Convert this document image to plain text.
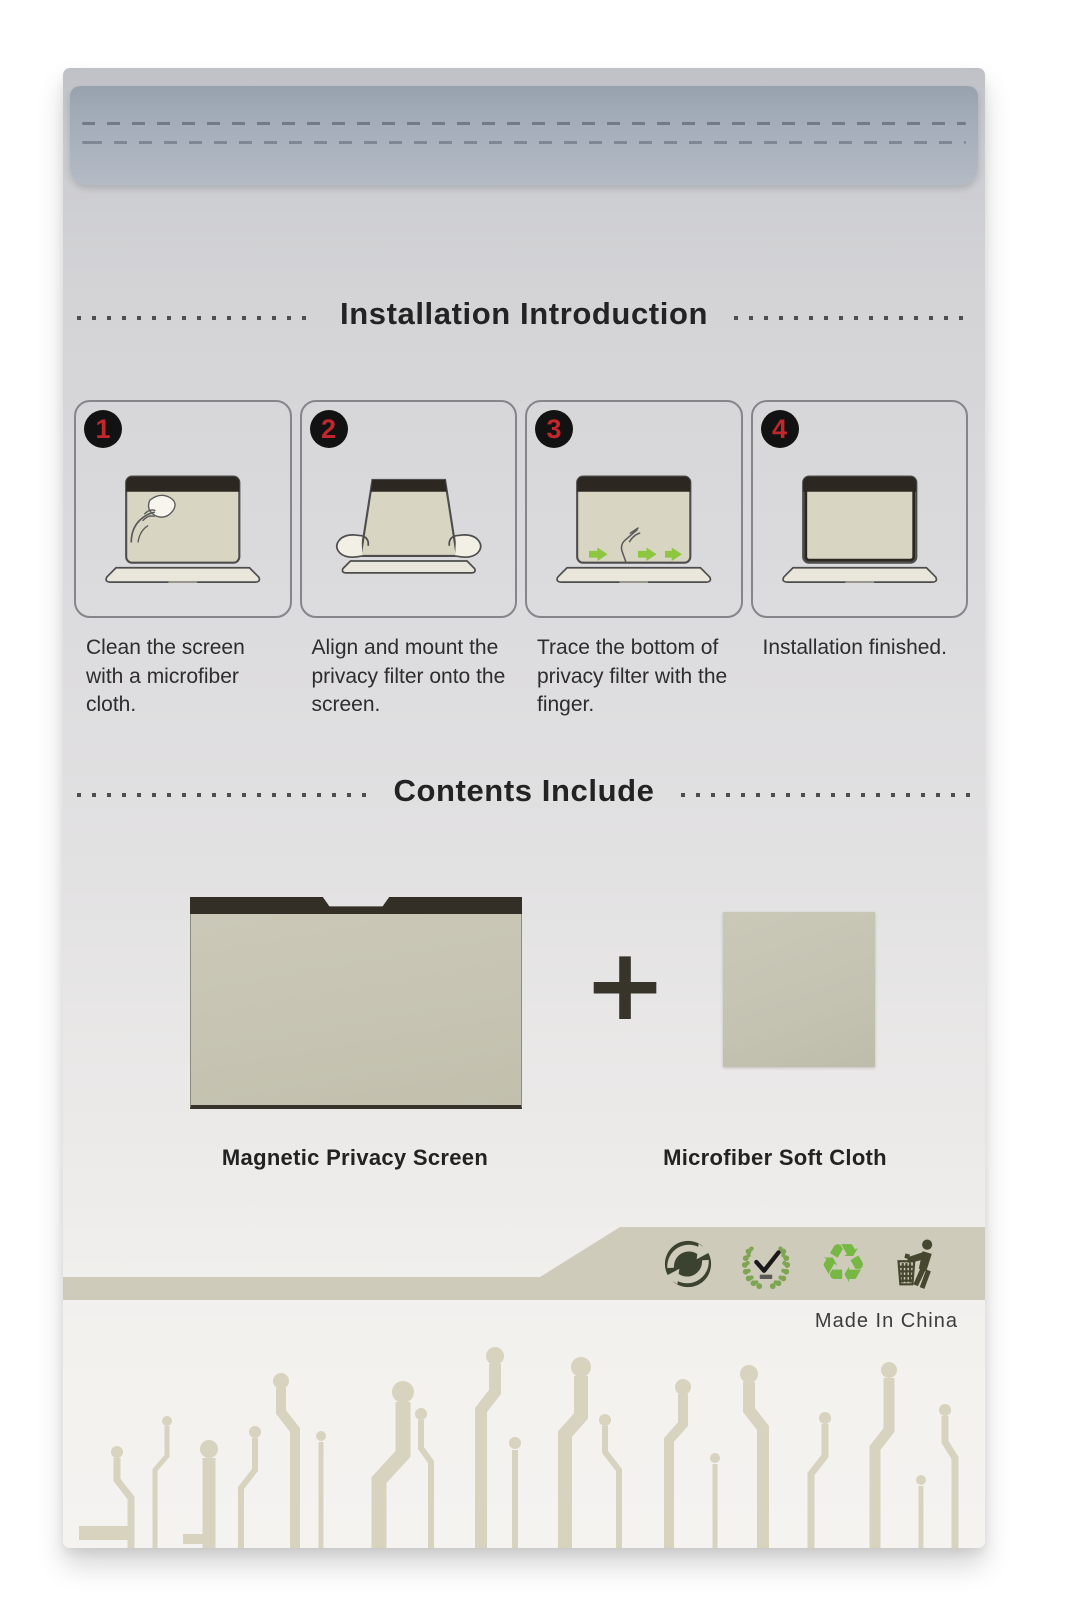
Installation Introduction
1	2	3	4

Clean the screen with a microfiber cloth.

Align and mount the privacy filter onto the screen.

Trace the bottom of privacy filter with the finger.

Installation finished.

Contents Include
+
Magnetic Privacy Screen	Microfiber Soft Cloth
♻
Made In China
